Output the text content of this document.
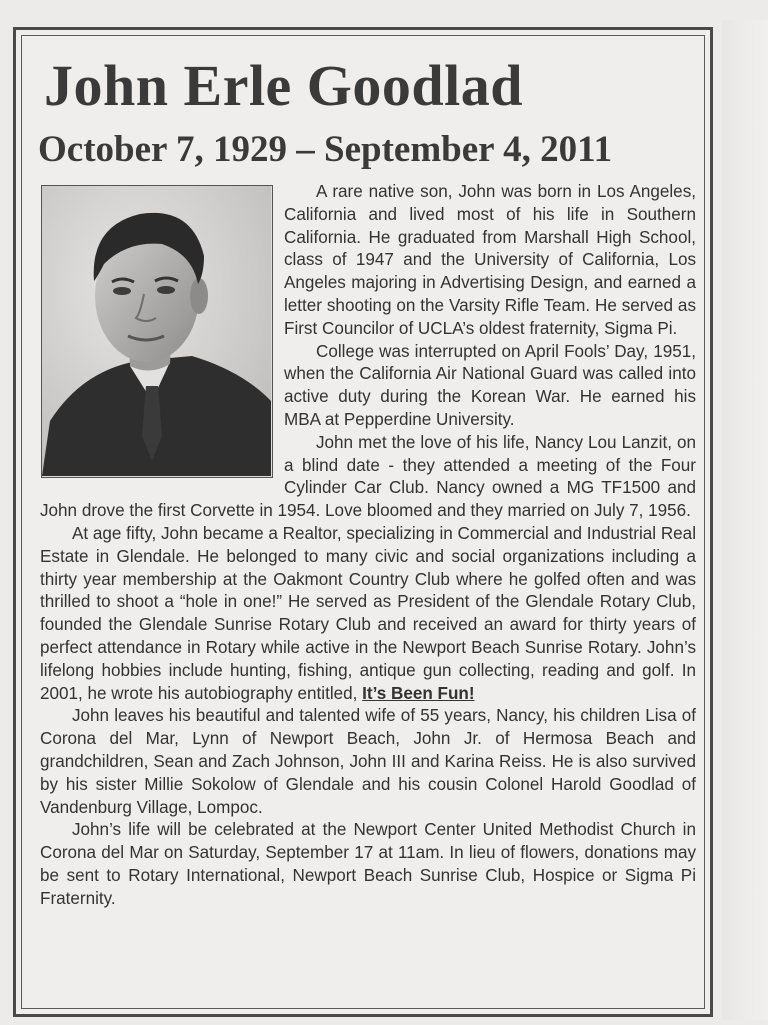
John Erle Goodlad
October 7, 1929 – September 4, 2011

A rare native son, John was born in Los Angeles, California and lived most of his life in Southern California. He graduated from Marshall High School, class of 1947 and the University of California, Los Angeles majoring in Advertising Design, and earned a letter shooting on the Varsity Rifle Team. He served as First Councilor of UCLA’s oldest fraternity, Sigma Pi.

College was interrupted on April Fools’ Day, 1951, when the California Air National Guard was called into active duty during the Korean War. He earned his MBA at Pepperdine University.

John met the love of his life, Nancy Lou Lanzit, on a blind date - they attended a meeting of the Four Cylinder Car Club. Nancy owned a MG TF1500 and John drove the first Corvette in 1954. Love bloomed and they married on July 7, 1956.

At age fifty, John became a Realtor, specializing in Commercial and Industrial Real Estate in Glendale. He belonged to many civic and social organizations including a thirty year membership at the Oakmont Country Club where he golfed often and was thrilled to shoot a “hole in one!” He served as President of the Glendale Rotary Club, founded the Glendale Sunrise Rotary Club and received an award for thirty years of perfect attendance in Rotary while active in the Newport Beach Sunrise Rotary. John’s lifelong hobbies include hunting, fishing, antique gun collecting, reading and golf. In 2001, he wrote his autobiography entitled, It’s Been Fun!

John leaves his beautiful and talented wife of 55 years, Nancy, his children Lisa of Corona del Mar, Lynn of Newport Beach, John Jr. of Hermosa Beach and grandchildren, Sean and Zach Johnson, John III and Karina Reiss. He is also survived by his sister Millie Sokolow of Glendale and his cousin Colonel Harold Goodlad of Vandenburg Village, Lompoc.

John’s life will be celebrated at the Newport Center United Methodist Church in Corona del Mar on Saturday, September 17 at 11am. In lieu of flowers, donations may be sent to Rotary International, Newport Beach Sunrise Club, Hospice or Sigma Pi Fraternity.
